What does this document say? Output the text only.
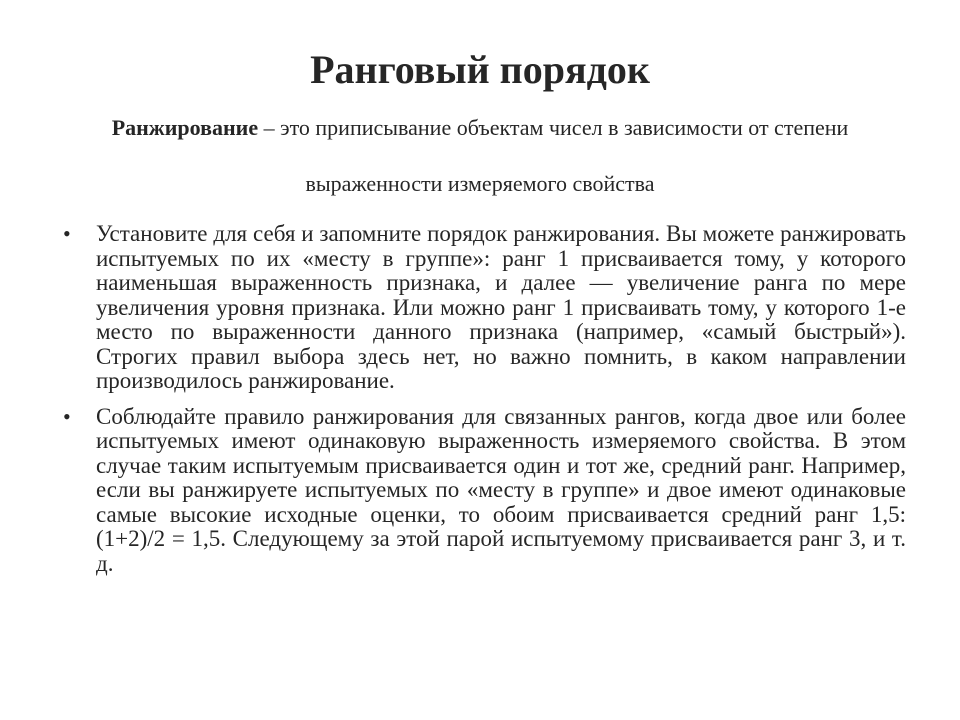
Ранговый порядок
Ранжирование – это приписывание объектам чисел в зависимости от степени выраженности измеряемого свойства
• Установите для себя и запомните порядок ранжирования. Вы можете ранжировать испытуемых по их «месту в группе»: ранг 1 присваивается тому, у которого наименьшая выраженность признака, и далее — увеличение ранга по мере увеличения уровня признака. Или можно ранг 1 присваивать тому, у которого 1-е место по выраженности данного признака (например, «самый быстрый»). Строгих правил выбора здесь нет, но важно помнить, в каком направлении производилось ранжирование.
• Соблюдайте правило ранжирования для связанных рангов, когда двое или более испытуемых имеют одинаковую выраженность измеряемого свойства. В этом случае таким испытуемым присваивается один и тот же, средний ранг. Например, если вы ранжируете испытуемых по «месту в группе» и двое имеют одинаковые самые высокие исходные оценки, то обоим присваивается средний ранг 1,5: (1+2)/2 = 1,5. Следующему за этой парой испытуемому присваивается ранг 3, и т. д.
